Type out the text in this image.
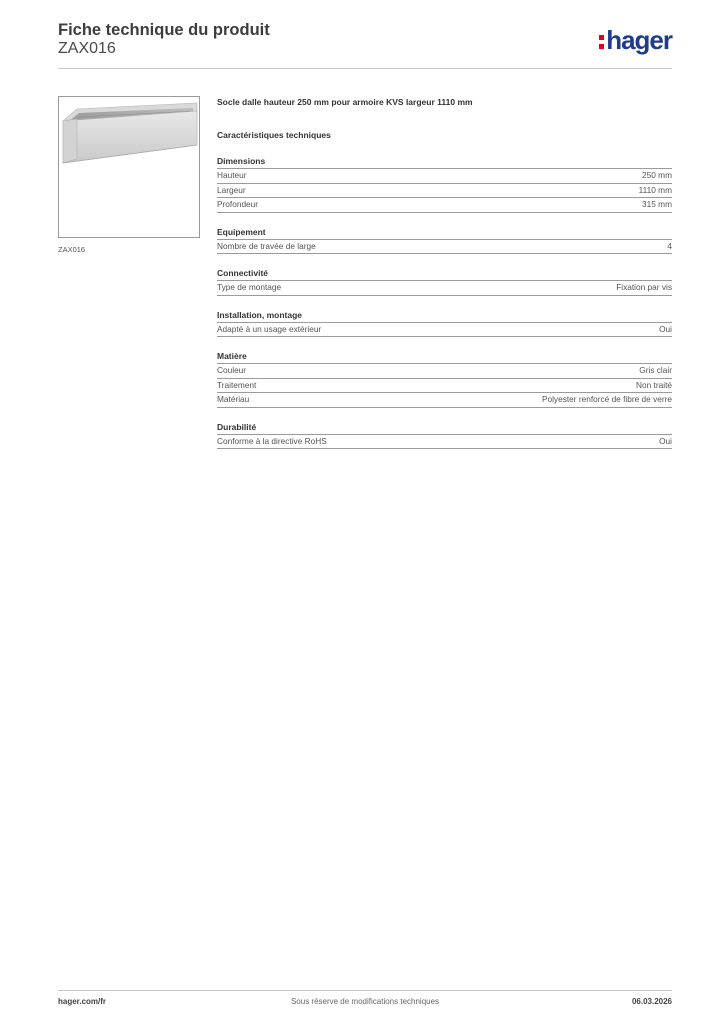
Fiche technique du produit
ZAX016	hager
ZAX016
Socle dalle hauteur 250 mm pour armoire KVS largeur 1110 mm
Caractéristiques techniques
Dimensions
Hauteur	250 mm
Largeur	1110 mm
Profondeur	315 mm
Equipement
Nombre de travée de large	4
Connectivité
Type de montage	Fixation par vis
Installation, montage
Adapté à un usage extérieur	Oui
Matière
Couleur	Gris clair
Traitement	Non traité
Matériau	Polyester renforcé de fibre de verre
Durabilité
Conforme à la directive RoHS	Oui
hager.com/fr	Sous réserve de modifications techniques	06.03.2026
